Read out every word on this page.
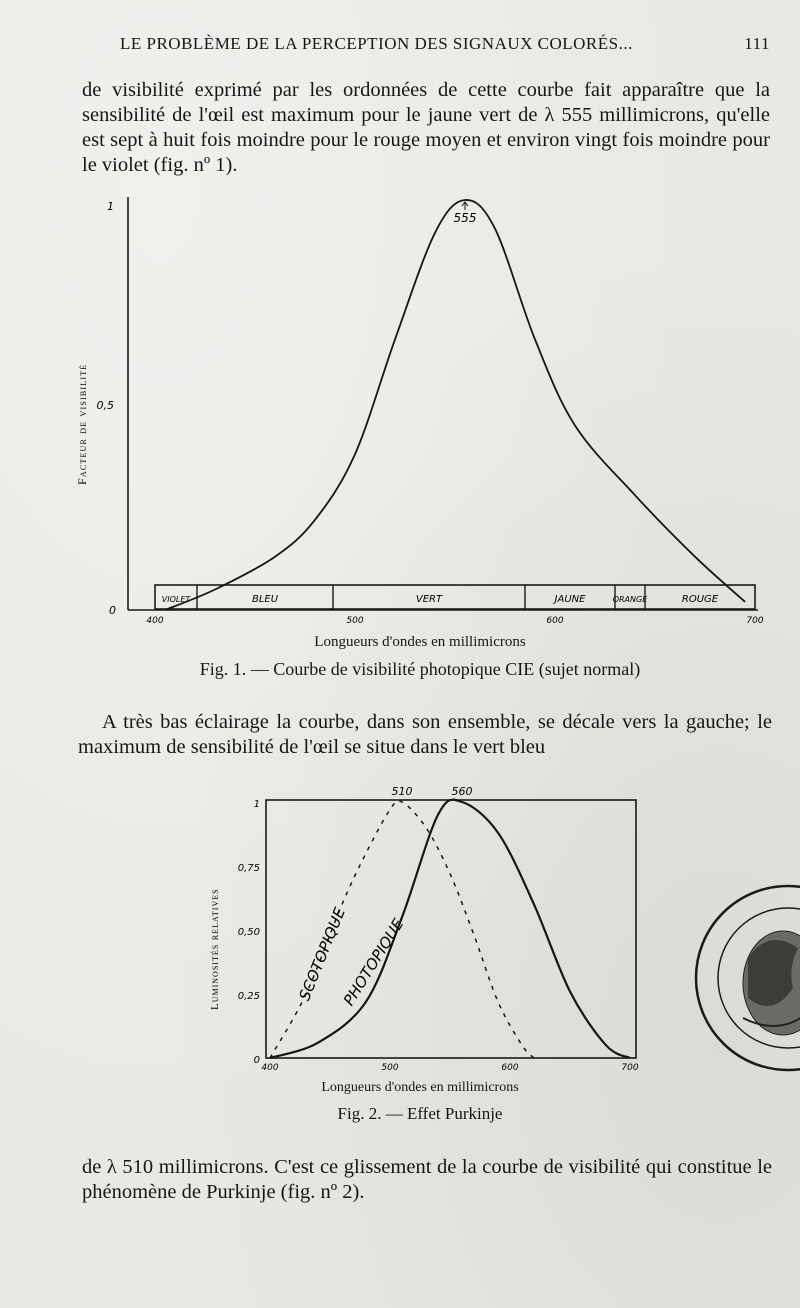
LE PROBLÈME DE LA PERCEPTION DES SIGNAUX COLORÉS...	111

de visibilité exprimé par les ordonnées de cette courbe fait apparaître que la sensibilité de l'œil est maximum pour le jaune vert de λ 555 millimicrons, qu'elle est sept à huit fois moindre pour le rouge moyen et environ vingt fois moindre pour le violet (fig. nº 1).

VIOLET	BLEU	VERT	JAUNE	ORANGE	ROUGE
1
0,5
0
400	500	600	700
555
Facteur de visibilité
Longueurs d'ondes en millimicrons
Fig. 1. — Courbe de visibilité photopique CIE (sujet normal)

A très bas éclairage la courbe, dans son ensemble, se décale vers la gauche; le maximum de sensibilité de l'œil se situe dans le vert bleu

1
0,75
0,50
0,25
0
400	500	600	700
510	560
SCOTOPIQUE
PHOTOPIQUE
Luminosités relatives
Longueurs d'ondes en millimicrons
Fig. 2. — Effet Purkinje

de λ 510 millimicrons. C'est ce glissement de la courbe de visibilité qui constitue le phénomène de Purkinje (fig. nº 2).
